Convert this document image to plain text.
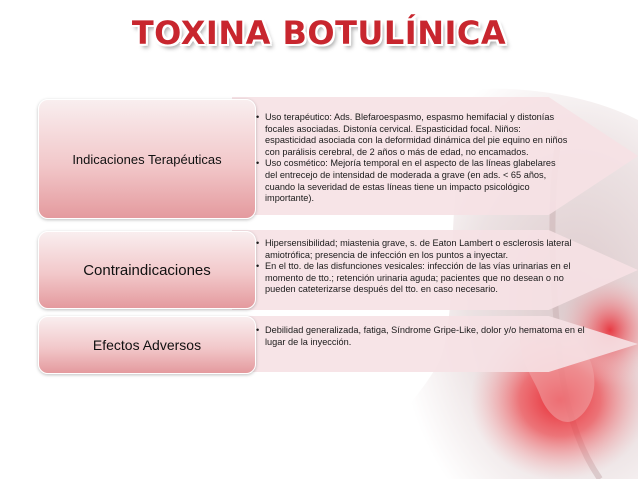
TOXINA BOTULÍNICA
Indicaciones Terapéuticas
Contraindicaciones
Efectos Adversos
• Uso terapéutico: Ads. Blefaroespasmo, espasmo hemifacial y distonías focales asociadas. Distonía cervical. Espasticidad focal. Niños: espasticidad asociada con la deformidad dinámica del pie equino en niños con parálisis cerebral, de 2 años o más de edad, no encamados.
• Uso cosmético: Mejoría temporal en el aspecto de las líneas glabelares del entrecejo de intensidad de moderada a grave (en ads. < 65 años, cuando la severidad de estas líneas tiene un impacto psicológico importante).
• Hipersensibilidad; miastenia grave, s. de Eaton Lambert o esclerosis lateral amiotrófica; presencia de infección en los puntos a inyectar.
• En el tto. de las disfunciones vesicales: infección de las vías urinarias en el momento de tto.; retención urinaria aguda; pacientes que no desean o no pueden cateterizarse después del tto. en caso necesario.
• Debilidad generalizada, fatiga, Síndrome Gripe-Like, dolor y/o hematoma en el lugar de la inyección.
